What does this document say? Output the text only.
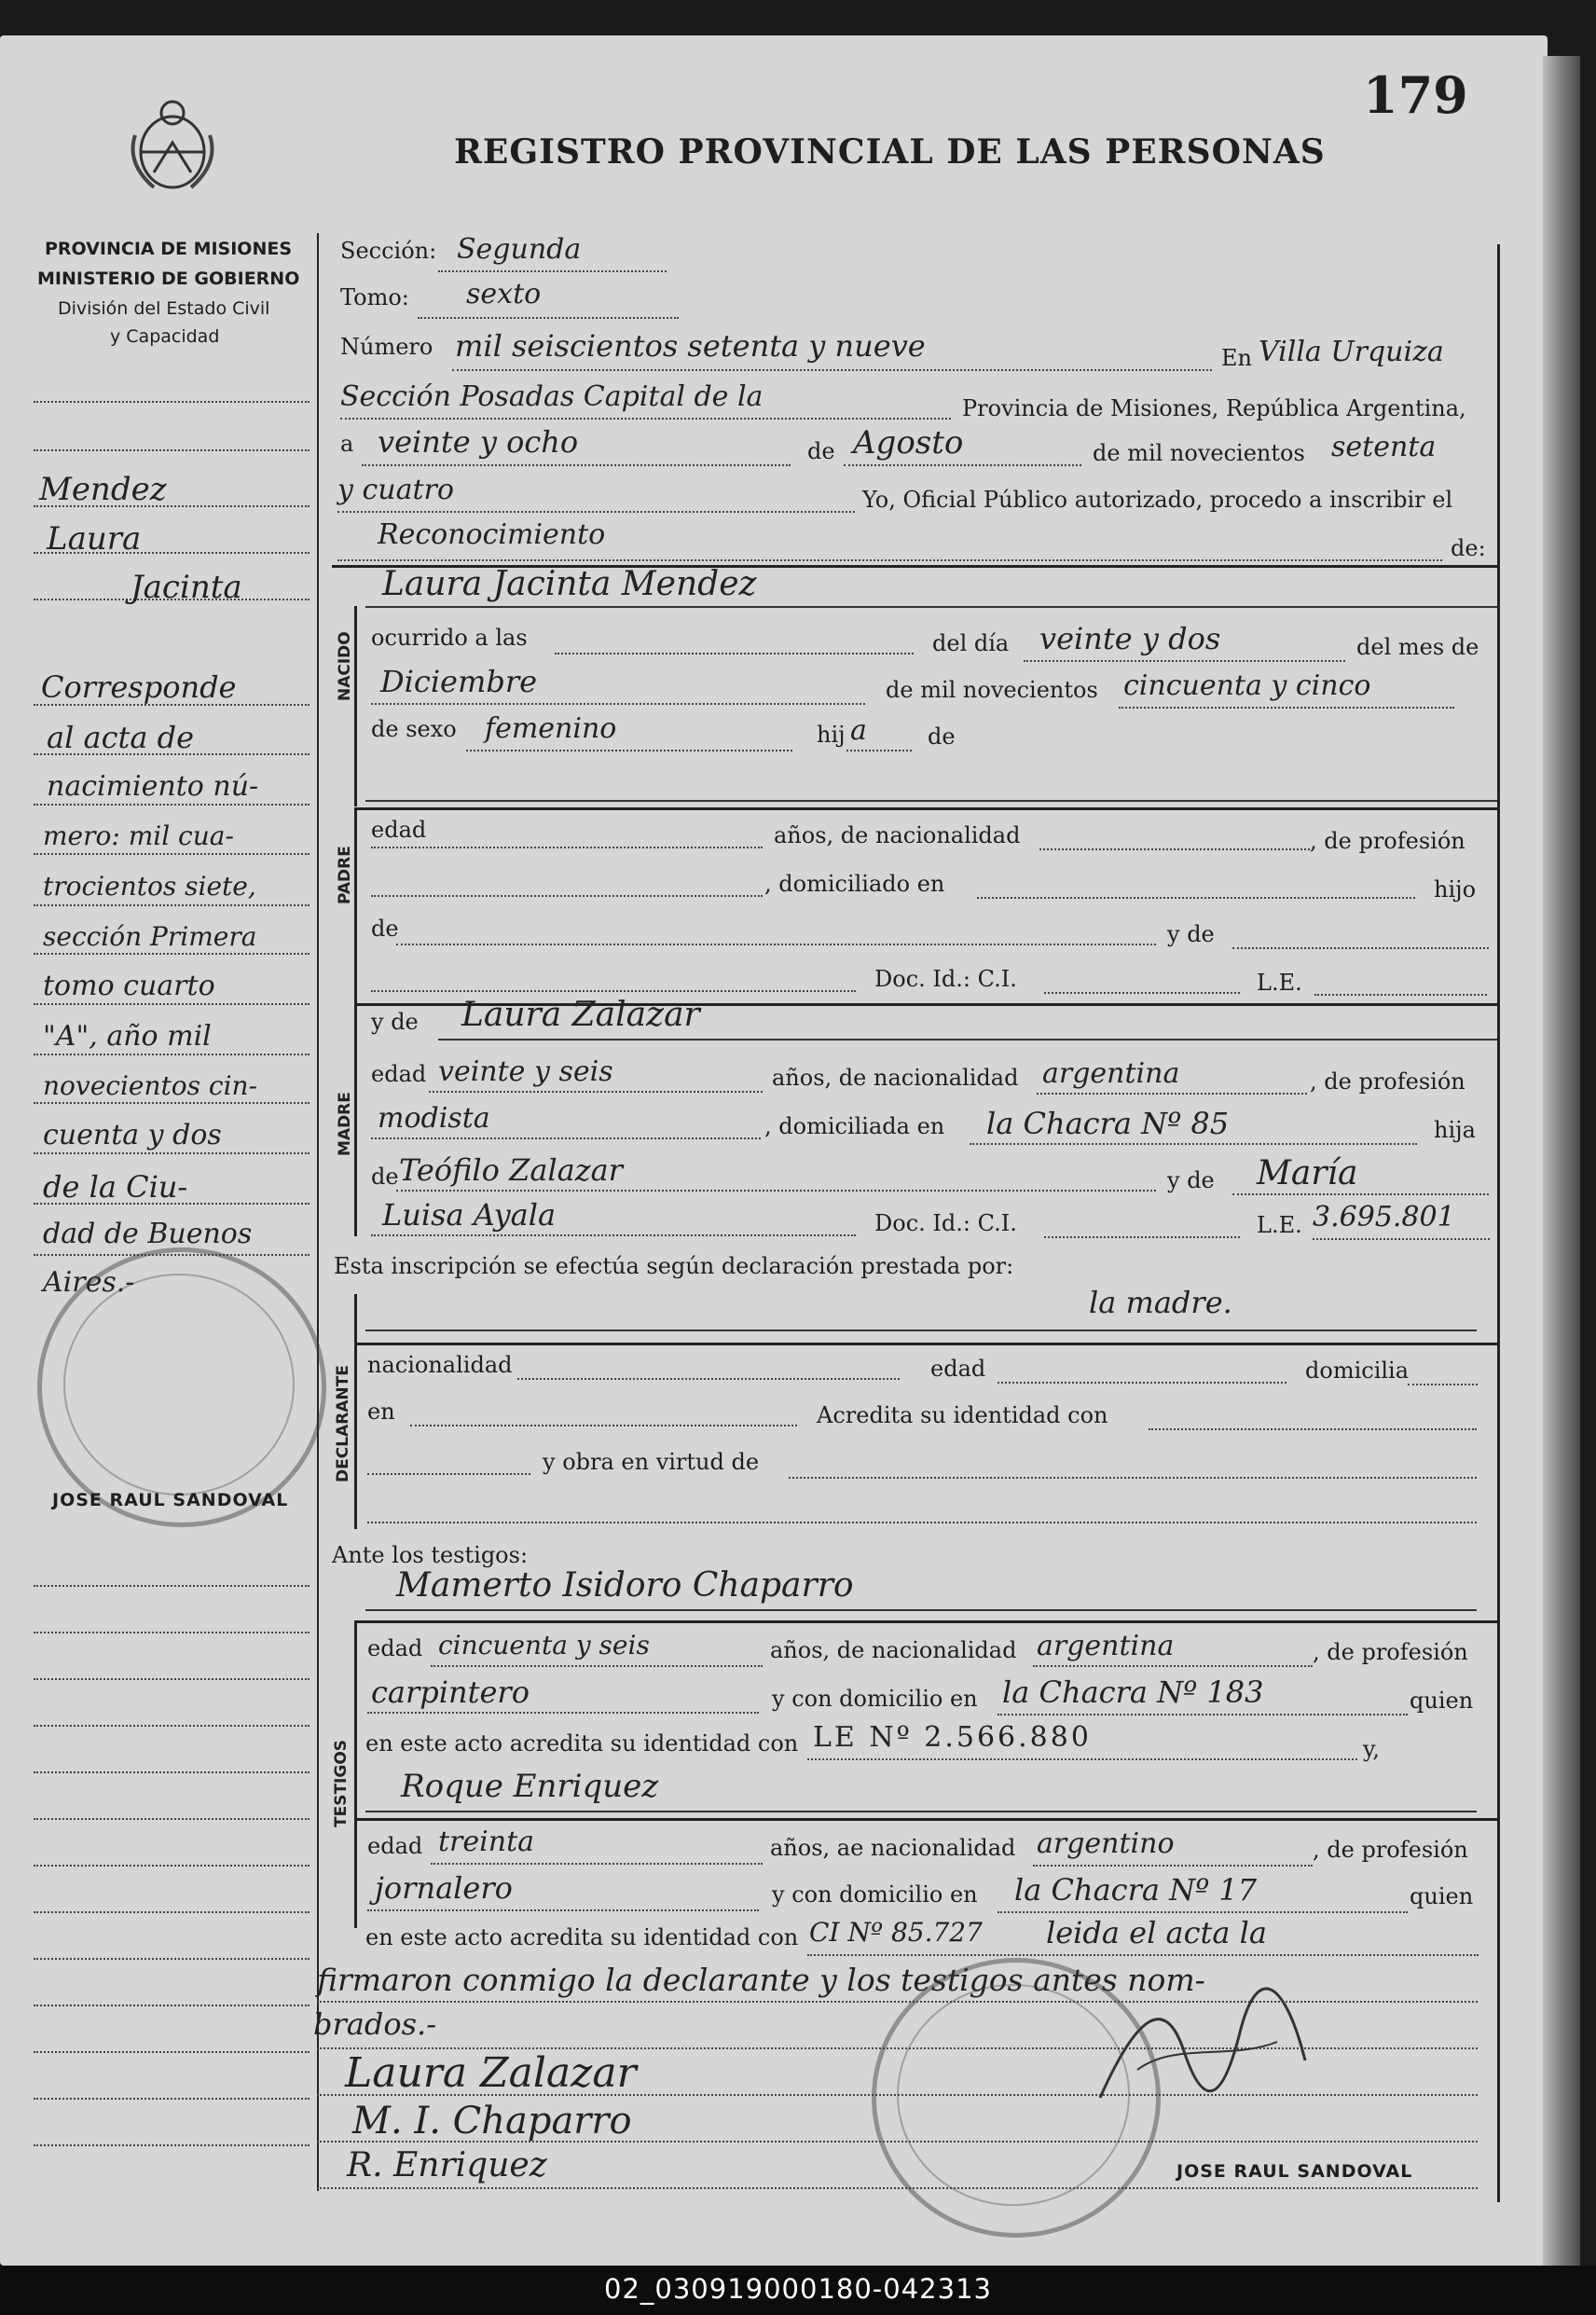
179
REGISTRO PROVINCIAL DE LAS PERSONAS
PROVINCIA DE MISIONES
MINISTERIO DE GOBIERNO
División del Estado Civil
y Capacidad
Mendez
Laura
Jacinta
Corresponde
al acta de
nacimiento nú-
mero: mil cua-
trocientos siete,
sección Primera
tomo cuarto
"A", año mil
novecientos cin-
cuenta y dos
de la Ciu-
dad de Buenos
Aires.-
JOSE RAUL SANDOVAL
Sección: Segunda
Tomo: sexto
Número mil seiscientos setenta y nueve	En Villa Urquiza
Sección Posadas Capital de la	Provincia de Misiones, República Argentina,
a veinte y ocho	de Agosto	de mil novecientos setenta
y cuatro	Yo, Oficial Público autorizado, procedo a inscribir el
Reconocimiento	de:
Laura Jacinta Mendez
NACIDO ocurrido a las	del día veinte y dos	del mes de
Diciembre	de mil novecientos cincuenta y cinco
de sexo femenino	hij a	de
PADRE
edad	años, de nacionalidad	, de profesión
, domiciliado en	hijo
de	y de
Doc. Id.: C.I.	L.E.
MADRE
y de Laura Zalazar
edad veinte y seis	años, de nacionalidad argentina	, de profesión
modista	, domiciliada en la Chacra Nº 85	hija
de Teófilo Zalazar	y de María
Luisa Ayala	Doc. Id.: C.I.	L.E. 3.695.801
Esta inscripción se efectúa según declaración prestada por:
la madre.
DECLARANTE
nacionalidad	edad	domicilia
en	Acredita su identidad con
y obra en virtud de
Ante los testigos:
Mamerto Isidoro Chaparro
TESTIGOS
edad cincuenta y seis	años, de nacionalidad argentina	, de profesión
carpintero	y con domicilio en la Chacra Nº 183	quien
en este acto acredita su identidad con LE Nº 2.566.880	y,
Roque Enriquez
edad treinta	años, ae nacionalidad argentino	, de profesión
jornalero	y con domicilio en la Chacra Nº 17	quien
en este acto acredita su identidad con CI Nº 85.727 leida el acta la
firmaron conmigo la declarante y los testigos antes nom-
brados.-
Laura Zalazar
M. I. Chaparro
R. Enriquez	JOSE RAUL SANDOVAL
02_030919000180-042313
